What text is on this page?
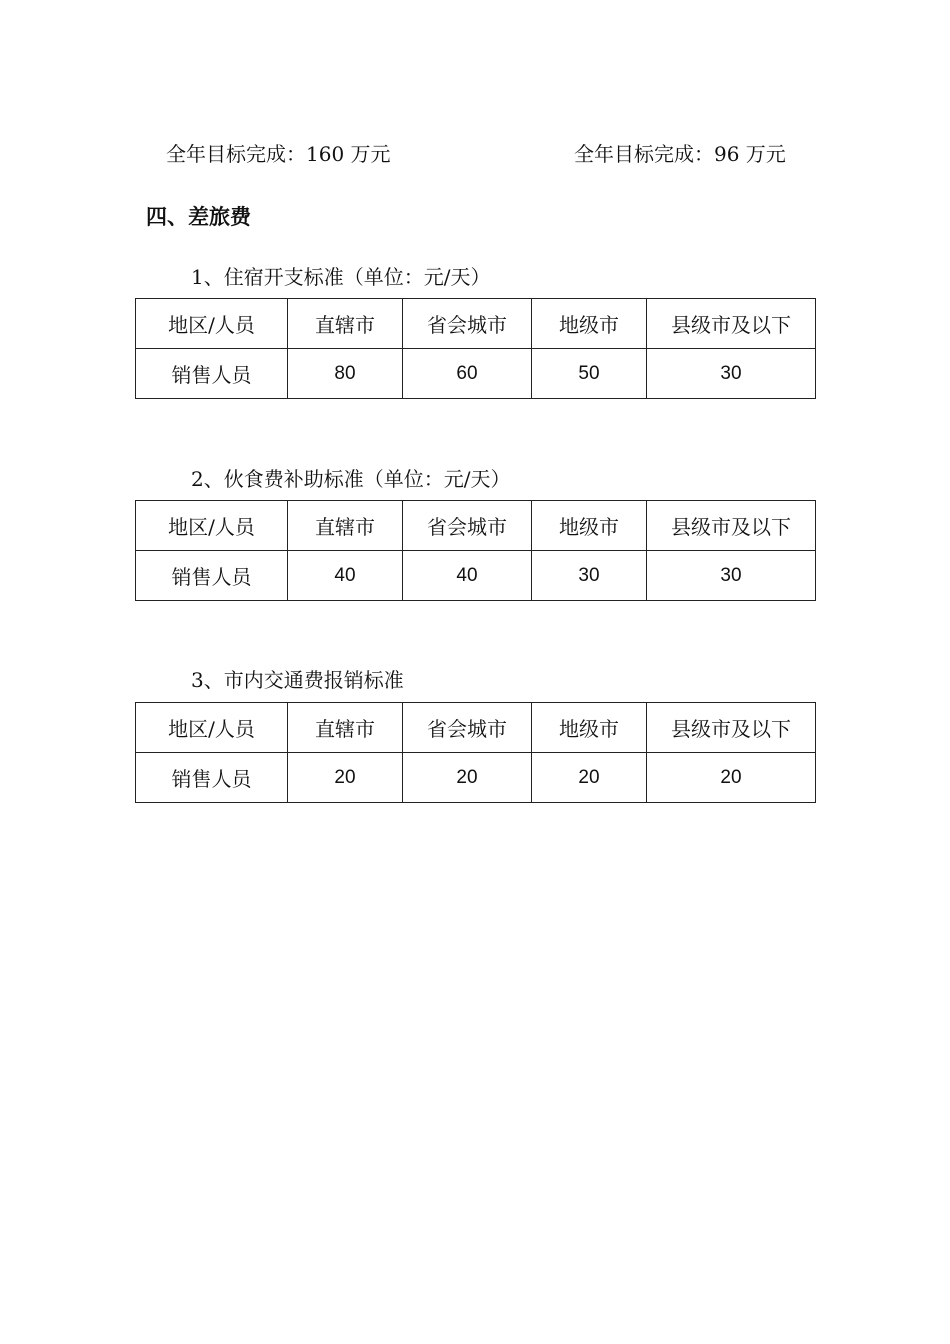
全年目标完成：160 万元	全年目标完成：96 万元
四、差旅费
1、住宿开支标准（单位：元/天）
地区/人员	直辖市	省会城市	地级市	县级市及以下
销售人员	80	60	50	30
2、伙食费补助标准（单位：元/天）
地区/人员	直辖市	省会城市	地级市	县级市及以下
销售人员	40	40	30	30
3、市内交通费报销标准
地区/人员	直辖市	省会城市	地级市	县级市及以下
销售人员	20	20	20	20
